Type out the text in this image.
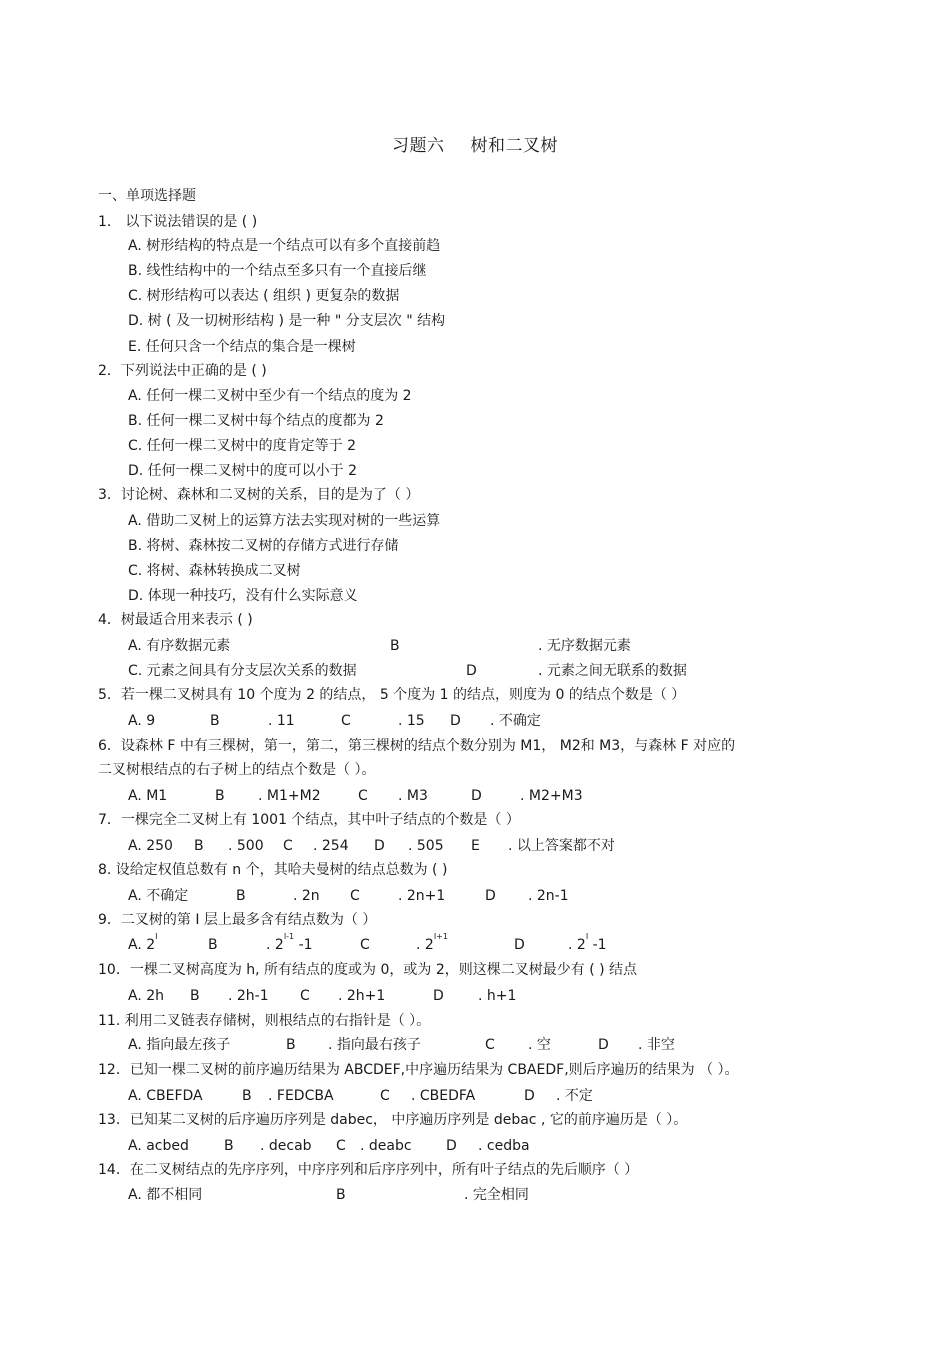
习题六 树和二叉树
一、单项选择题
1． 以下说法错误的是 ( )
A. 树形结构的特点是一个结点可以有多个直接前趋
B. 线性结构中的一个结点至多只有一个直接后继
C. 树形结构可以表达 ( 组织 ) 更复杂的数据
D. 树 ( 及一切树形结构 ) 是一种 " 分支层次 " 结构
E. 任何只含一个结点的集合是一棵树
2．下列说法中正确的是 ( )
A. 任何一棵二叉树中至少有一个结点的度为 2
B. 任何一棵二叉树中每个结点的度都为 2
C. 任何一棵二叉树中的度肯定等于 2
D. 任何一棵二叉树中的度可以小于 2
3．讨论树、森林和二叉树的关系，目的是为了（ ）
A. 借助二叉树上的运算方法去实现对树的一些运算
B. 将树、森林按二叉树的存储方式进行存储
C. 将树、森林转换成二叉树
D. 体现一种技巧，没有什么实际意义
4．树最适合用来表示 ( )
A. 有序数据元素	B	. 无序数据元素
C. 元素之间具有分支层次关系的数据	D	. 元素之间无联系的数据
5．若一棵二叉树具有 10 个度为 2 的结点， 5 个度为 1 的结点，则度为 0 的结点个数是（ ）
A. 9	B	. 11	C	. 15 D . 不确定
6．设森林 F 中有三棵树，第一，第二，第三棵树的结点个数分别为 M1， M2和 M3，与森林 F 对应的
二叉树根结点的右子树上的结点个数是（ ）。
A. M1	B . M1+M2	C . M3	D	. M2+M3
7．一棵完全二叉树上有 1001 个结点，其中叶子结点的个数是（ ）
A. 250 B . 500 C . 254 D . 505 E . 以上答案都不对
8. 设给定权值总数有 n 个，其哈夫曼树的结点总数为 ( )
A. 不确定	B	. 2n C	. 2n+1	D . 2n-1
9．二叉树的第 I 层上最多含有结点数为（ ）
A. $2^I$
B	. $2^{I-1}$ -1	C	. $2^{I+1}$
D	. $2^I$ -1
10．一棵二叉树高度为 h, 所有结点的度或为 0，或为 2，则这棵二叉树最少有 ( ) 结点
A. 2h B . 2h-1 C . 2h+1	D . h+1
11. 利用二叉链表存储树，则根结点的右指针是（ ）。
A. 指向最左孩子	B . 指向最右孩子	C . 空	D . 非空
12．已知一棵二叉树的前序遍历结果为 ABCDEF,中序遍历结果为 CBAEDF,则后序遍历的结果为 （ ）。
A. CBEFDA	B . FEDCBA	C . CBEDFA	D . 不定
13．已知某二叉树的后序遍历序列是 dabec， 中序遍历序列是 debac , 它的前序遍历是（ ）。
A. acbed	B . decab C . deabc D . cedba
14．在二叉树结点的先序序列，中序序列和后序序列中，所有叶子结点的先后顺序（ ）
A. 都不相同	B	. 完全相同
